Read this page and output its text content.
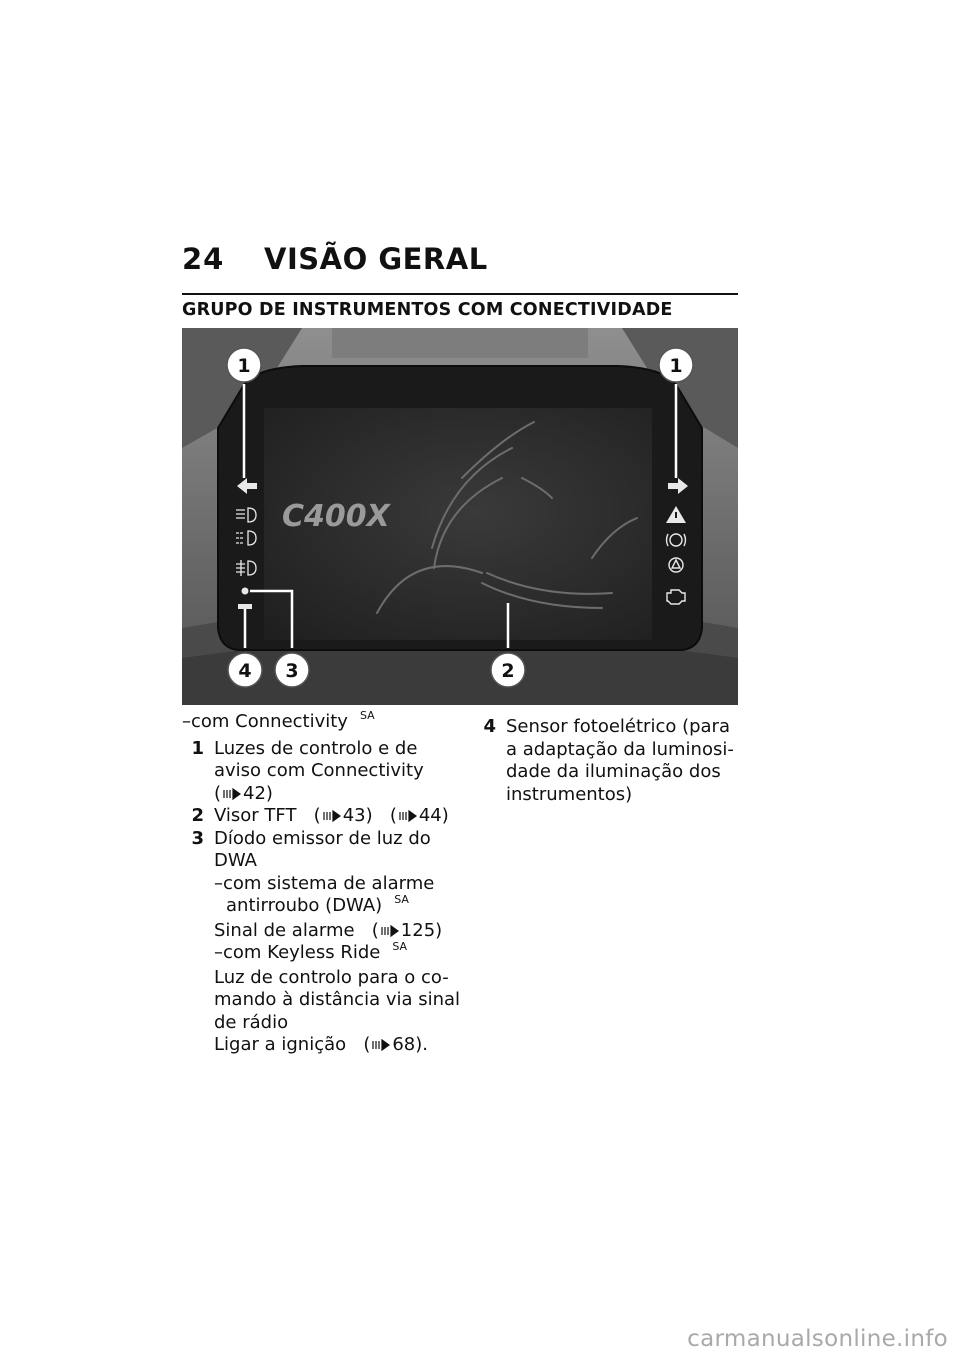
24 VISÃO GERAL
GRUPO DE INSTRUMENTOS COM CONECTIVIDADE
C400X
1	1
2
3
4
–com Connectivity $^{SA}$
1 Luzes de controlo e de
aviso com Connectivity
( 42)
2 Visor TFT ( 43) ( 44)
3 Díodo emissor de luz do
DWA
–com sistema de alarme
antirroubo (DWA) $^{SA}$
Sinal de alarme ( 125)
–com Keyless Ride $^{SA}$
Luz de controlo para o co-
mando à distância via sinal
de rádio
Ligar a ignição ( 68).
4 Sensor fotoelétrico (para
a adaptação da luminosi-
dade da iluminação dos
instrumentos)
carmanualsonline.info
